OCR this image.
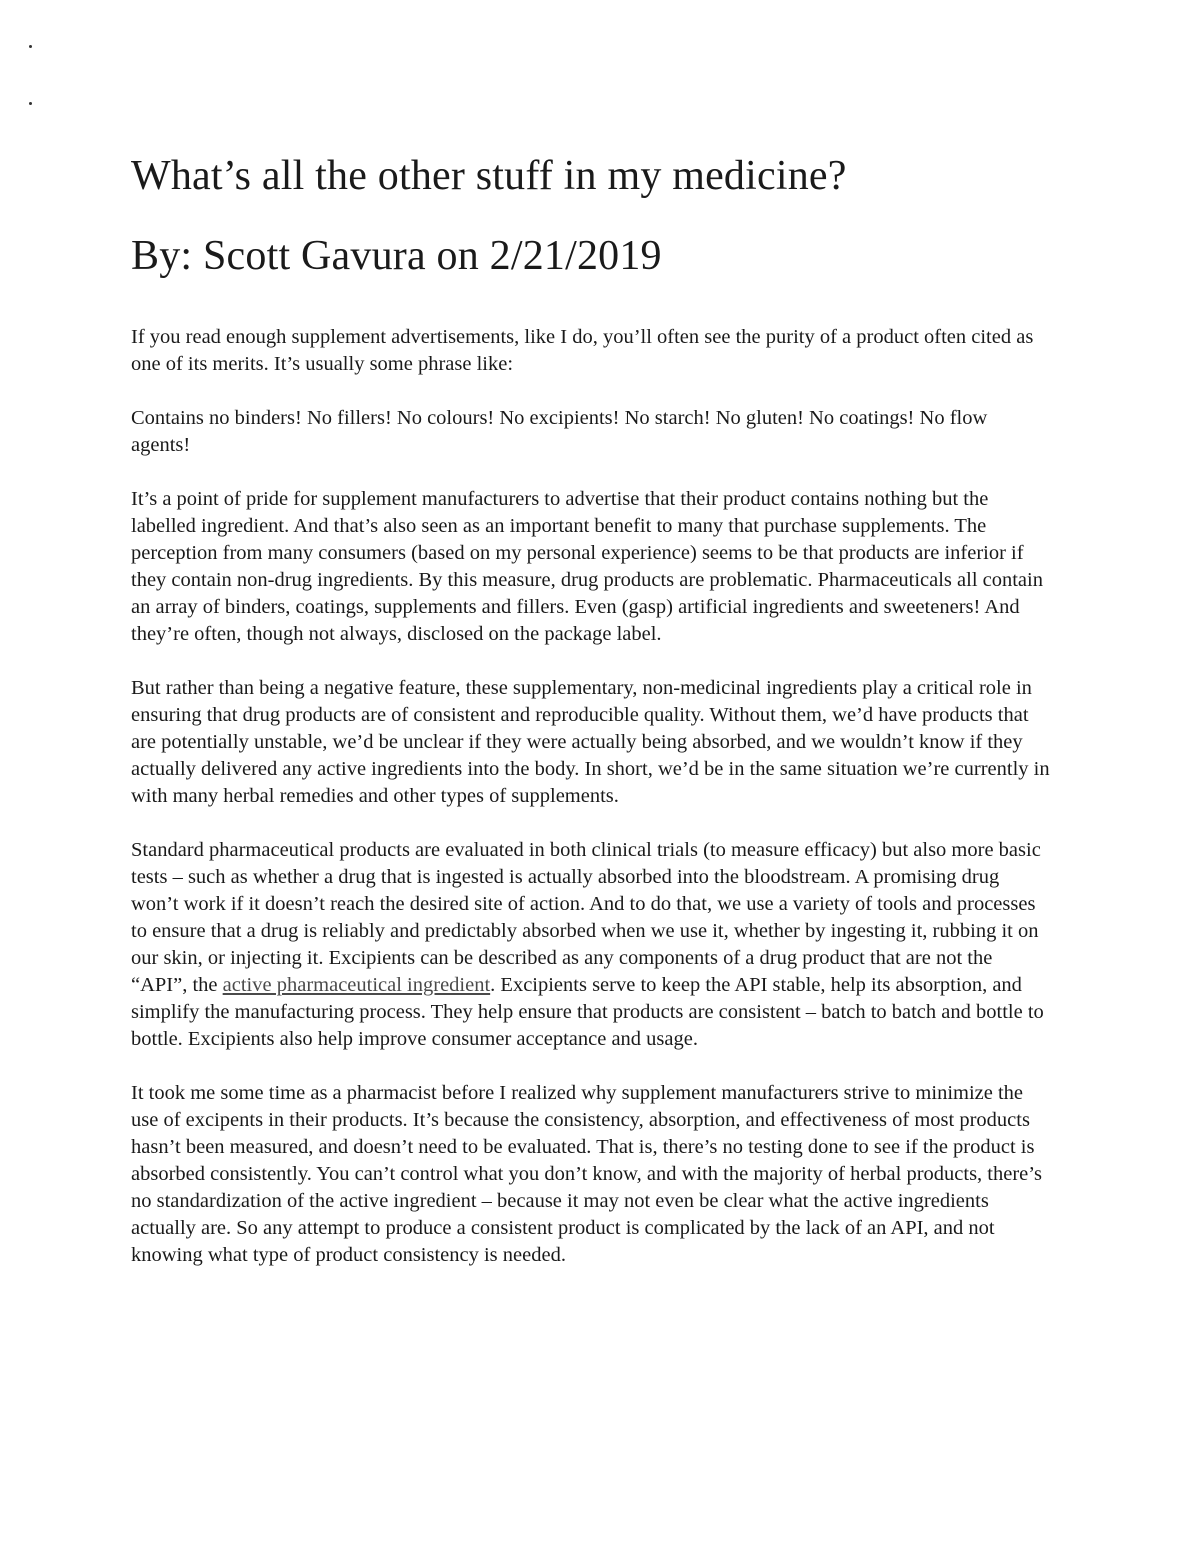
What’s all the other stuff in my medicine?
By: Scott Gavura on 2/21/2019

If you read enough supplement advertisements, like I do, you’ll often see the purity of a product often cited as one of its merits. It’s usually some phrase like:

Contains no binders! No fillers! No colours! No excipients! No starch! No gluten! No coatings! No flow agents!

It’s a point of pride for supplement manufacturers to advertise that their product contains nothing but the labelled ingredient. And that’s also seen as an important benefit to many that purchase supplements. The perception from many consumers (based on my personal experience) seems to be that products are inferior if they contain non-drug ingredients. By this measure, drug products are problematic. Pharmaceuticals all contain an array of binders, coatings, supplements and fillers. Even (gasp) artificial ingredients and sweeteners! And they’re often, though not always, disclosed on the package label.

But rather than being a negative feature, these supplementary, non-medicinal ingredients play a critical role in ensuring that drug products are of consistent and reproducible quality. Without them, we’d have products that are potentially unstable, we’d be unclear if they were actually being absorbed, and we wouldn’t know if they actually delivered any active ingredients into the body. In short, we’d be in the same situation we’re currently in with many herbal remedies and other types of supplements.

Standard pharmaceutical products are evaluated in both clinical trials (to measure efficacy) but also more basic tests – such as whether a drug that is ingested is actually absorbed into the bloodstream. A promising drug won’t work if it doesn’t reach the desired site of action. And to do that, we use a variety of tools and processes to ensure that a drug is reliably and predictably absorbed when we use it, whether by ingesting it, rubbing it on our skin, or injecting it. Excipients can be described as any components of a drug product that are not the “API”, the active pharmaceutical ingredient. Excipients serve to keep the API stable, help its absorption, and simplify the manufacturing process. They help ensure that products are consistent – batch to batch and bottle to bottle. Excipients also help improve consumer acceptance and usage.

It took me some time as a pharmacist before I realized why supplement manufacturers strive to minimize the use of excipents in their products. It’s because the consistency, absorption, and effectiveness of most products hasn’t been measured, and doesn’t need to be evaluated. That is, there’s no testing done to see if the product is absorbed consistently. You can’t control what you don’t know, and with the majority of herbal products, there’s no standardization of the active ingredient – because it may not even be clear what the active ingredients actually are. So any attempt to produce a consistent product is complicated by the lack of an API, and not knowing what type of product consistency is needed.
